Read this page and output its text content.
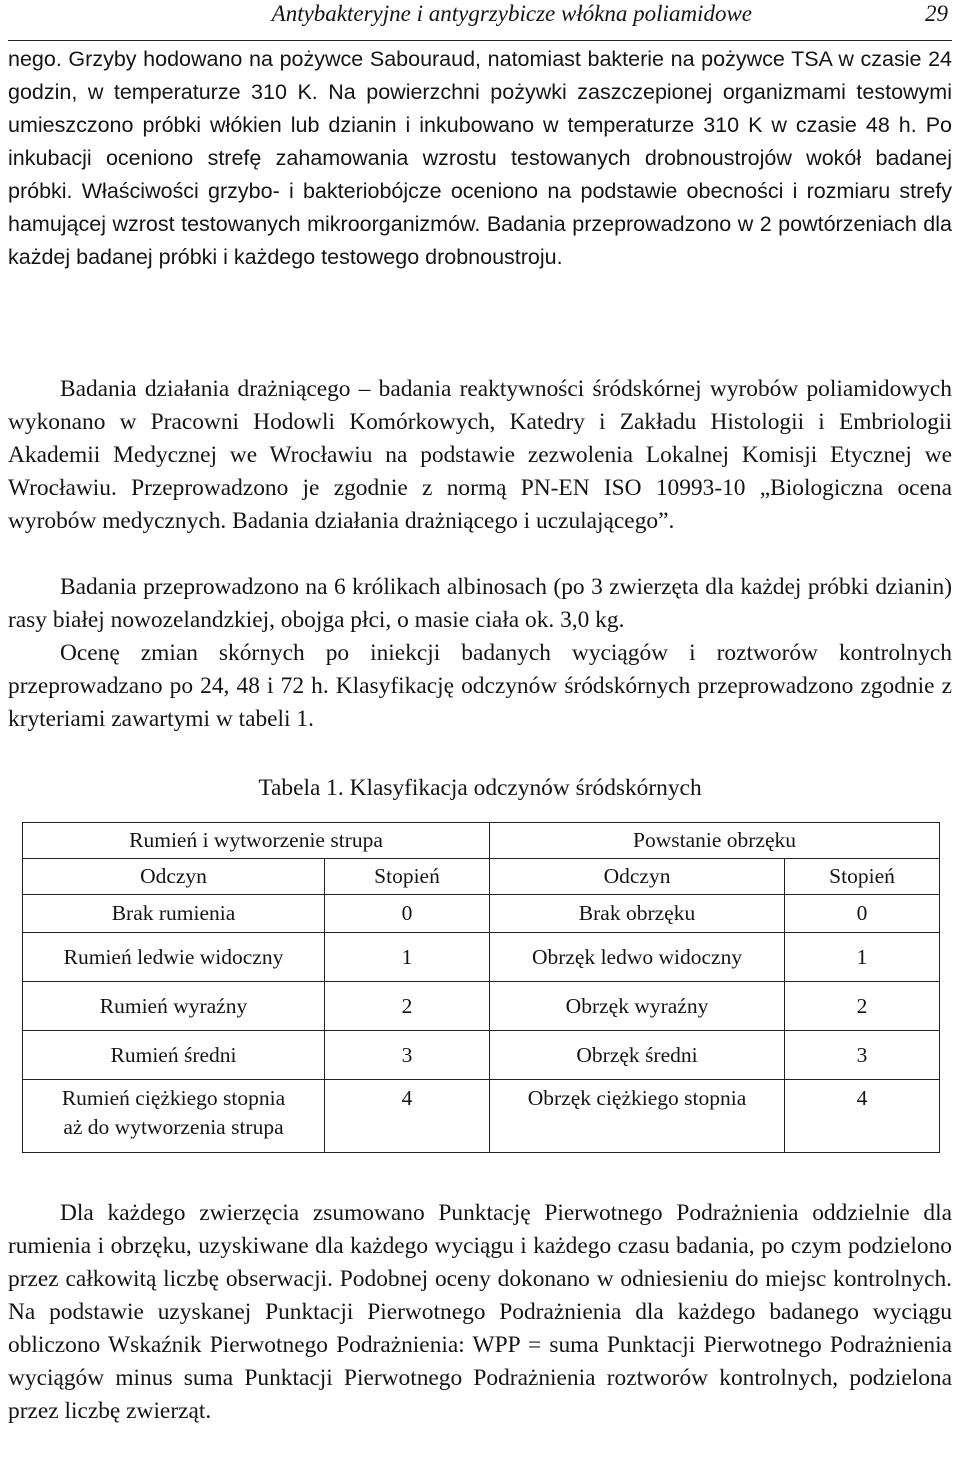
Antybakteryjne i antygrzybicze włókna poliamidowe	29

nego. Grzyby hodowano na pożywce Sabouraud, natomiast bakterie na pożywce TSA w czasie 24 godzin, w temperaturze 310 K. Na powierzchni pożywki zaszczepionej organizmami testowymi umieszczono próbki włókien lub dzianin i inkubowano w temperaturze 310 K w czasie 48 h. Po inkubacji oceniono strefę zahamowania wzrostu testowanych drobnoustrojów wokół badanej próbki. Właściwości grzybo- i bakteriobójcze oceniono na podstawie obecności i rozmiaru strefy hamującej wzrost testowanych mikroorganizmów. Badania przeprowadzono w 2 powtórzeniach dla każdej badanej próbki i każdego testowego drobnoustroju.

Badania działania drażniącego – badania reaktywności śródskórnej wyrobów poliamidowych wykonano w Pracowni Hodowli Komórkowych, Katedry i Zakładu Histologii i Embriologii Akademii Medycznej we Wrocławiu na podstawie zezwolenia Lokalnej Komisji Etycznej we Wrocławiu. Przeprowadzono je zgodnie z normą PN-EN ISO 10993-10 „Biologiczna ocena wyrobów medycznych. Badania działania drażniącego i uczulającego”.

Badania przeprowadzono na 6 królikach albinosach (po 3 zwierzęta dla każdej próbki dzianin) rasy białej nowozelandzkiej, obojga płci, o masie ciała ok. 3,0 kg.

Ocenę zmian skórnych po iniekcji badanych wyciągów i roztworów kontrolnych przeprowadzano po 24, 48 i 72 h. Klasyfikację odczynów śródskórnych przeprowadzono zgodnie z kryteriami zawartymi w tabeli 1.

Tabela 1. Klasyfikacja odczynów śródskórnych
Rumień i wytworzenie strupa		Powstanie obrzęku	
Odczyn	Stopień	Odczyn	Stopień
Brak rumienia	0	Brak obrzęku	0
Rumień ledwie widoczny	1	Obrzęk ledwo widoczny	1
Rumień wyraźny	2	Obrzęk wyraźny	2
Rumień średni	3	Obrzęk średni	3
Rumień ciężkiego stopnia
aż do wytworzenia strupa	4	Obrzęk ciężkiego stopnia	4

Dla każdego zwierzęcia zsumowano Punktację Pierwotnego Podrażnienia oddzielnie dla rumienia i obrzęku, uzyskiwane dla każdego wyciągu i każdego czasu badania, po czym podzielono przez całkowitą liczbę obserwacji. Podobnej oceny dokonano w odniesieniu do miejsc kontrolnych. Na podstawie uzyskanej Punktacji Pierwotnego Podrażnienia dla każdego badanego wyciągu obliczono Wskaźnik Pierwotnego Podrażnienia: WPP = suma Punktacji Pierwotnego Podrażnienia wyciągów minus suma Punktacji Pierwotnego Podrażnienia roztworów kontrolnych, podzielona przez liczbę zwierząt.
